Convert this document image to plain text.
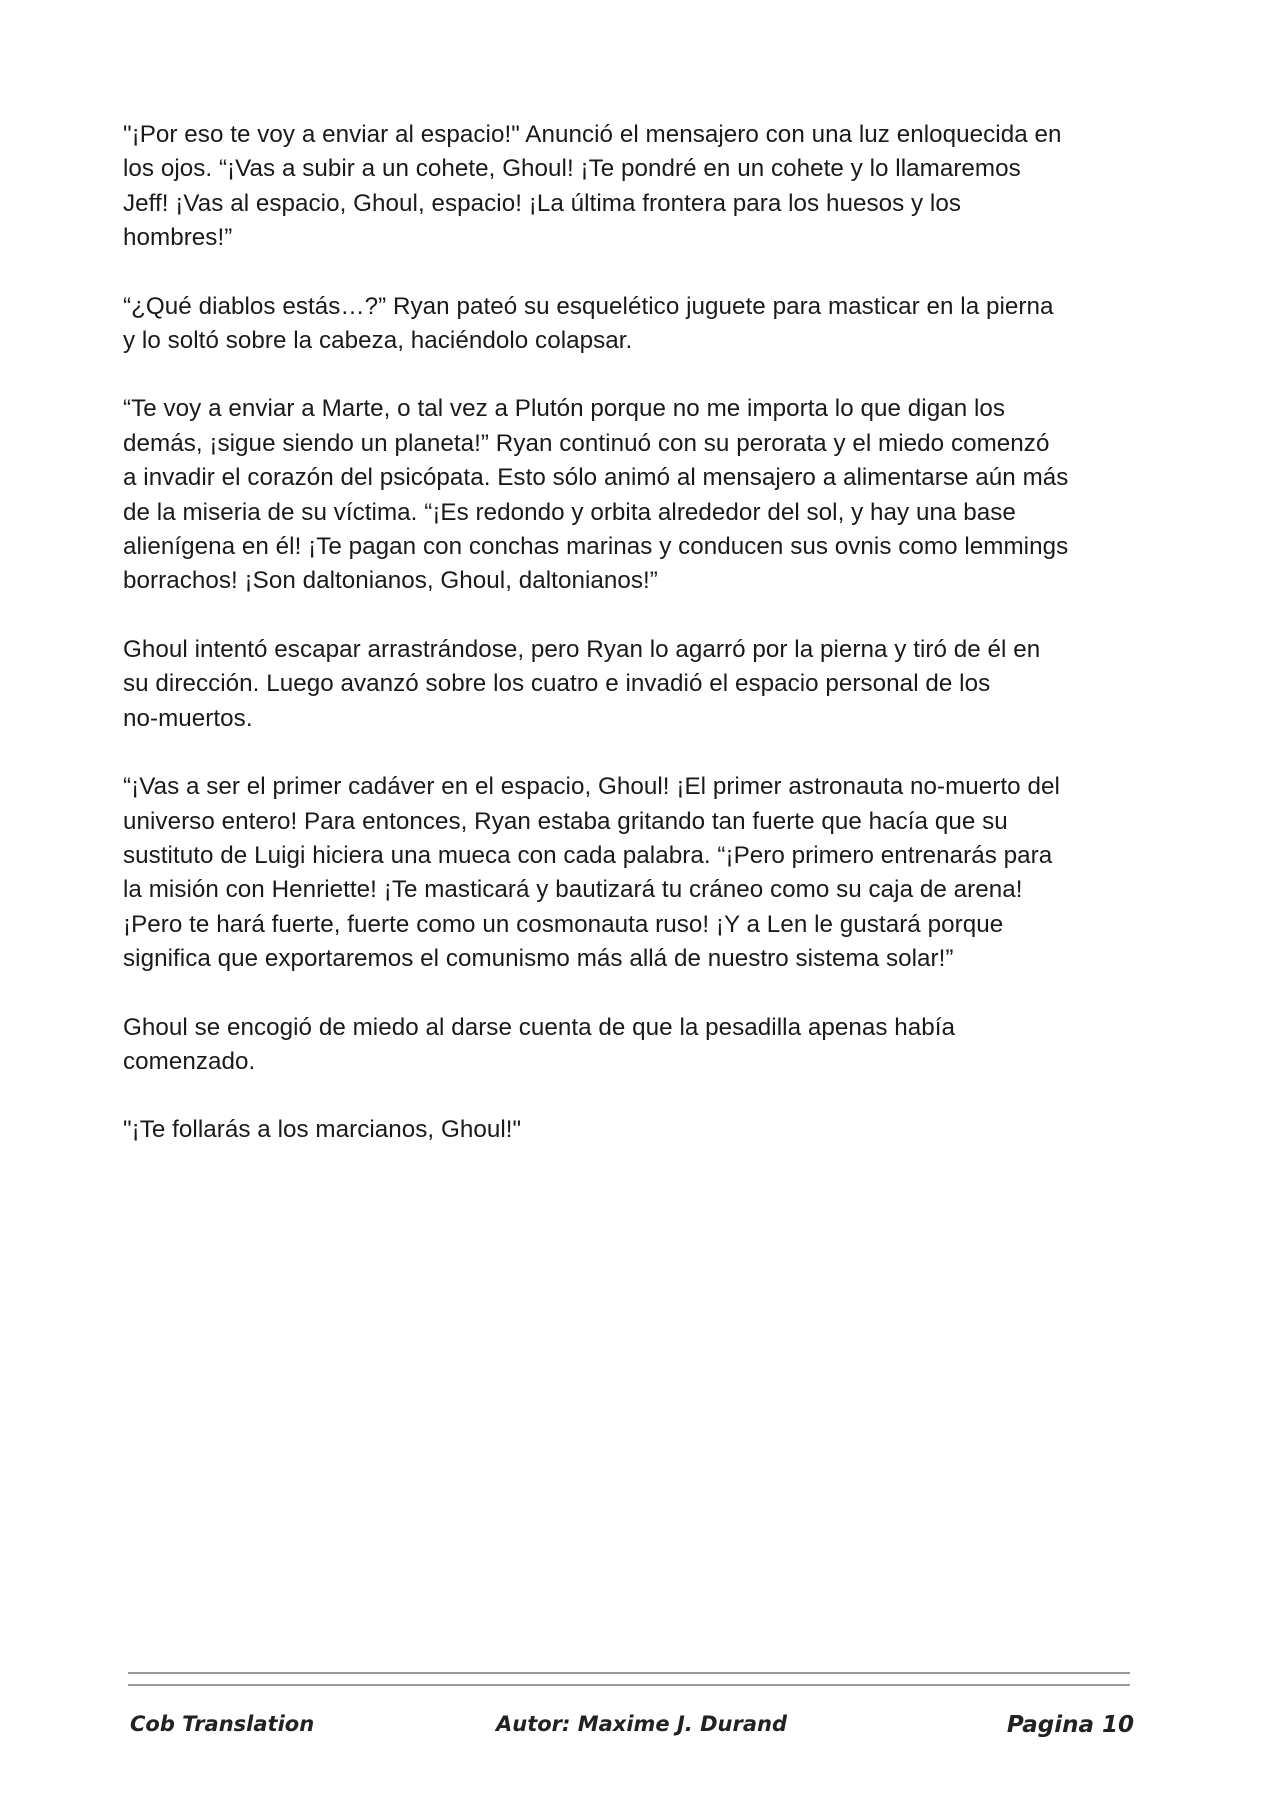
"¡Por eso te voy a enviar al espacio!" Anunció el mensajero con una luz enloquecida en
los ojos. “¡Vas a subir a un cohete, Ghoul! ¡Te pondré en un cohete y lo llamaremos
Jeff! ¡Vas al espacio, Ghoul, espacio! ¡La última frontera para los huesos y los
hombres!”

“¿Qué diablos estás…?” Ryan pateó su esquelético juguete para masticar en la pierna
y lo soltó sobre la cabeza, haciéndolo colapsar.

“Te voy a enviar a Marte, o tal vez a Plutón porque no me importa lo que digan los
demás, ¡sigue siendo un planeta!” Ryan continuó con su perorata y el miedo comenzó
a invadir el corazón del psicópata. Esto sólo animó al mensajero a alimentarse aún más
de la miseria de su víctima. “¡Es redondo y orbita alrededor del sol, y hay una base
alienígena en él! ¡Te pagan con conchas marinas y conducen sus ovnis como lemmings
borrachos! ¡Son daltonianos, Ghoul, daltonianos!”

Ghoul intentó escapar arrastrándose, pero Ryan lo agarró por la pierna y tiró de él en
su dirección. Luego avanzó sobre los cuatro e invadió el espacio personal de los
no-muertos.

“¡Vas a ser el primer cadáver en el espacio, Ghoul! ¡El primer astronauta no-muerto del
universo entero! Para entonces, Ryan estaba gritando tan fuerte que hacía que su
sustituto de Luigi hiciera una mueca con cada palabra. “¡Pero primero entrenarás para
la misión con Henriette! ¡Te masticará y bautizará tu cráneo como su caja de arena!
¡Pero te hará fuerte, fuerte como un cosmonauta ruso! ¡Y a Len le gustará porque
significa que exportaremos el comunismo más allá de nuestro sistema solar!”

Ghoul se encogió de miedo al darse cuenta de que la pesadilla apenas había
comenzado.

"¡Te follarás a los marcianos, Ghoul!"

Cob Translation	Autor: Maxime J. Durand	Pagina 10
